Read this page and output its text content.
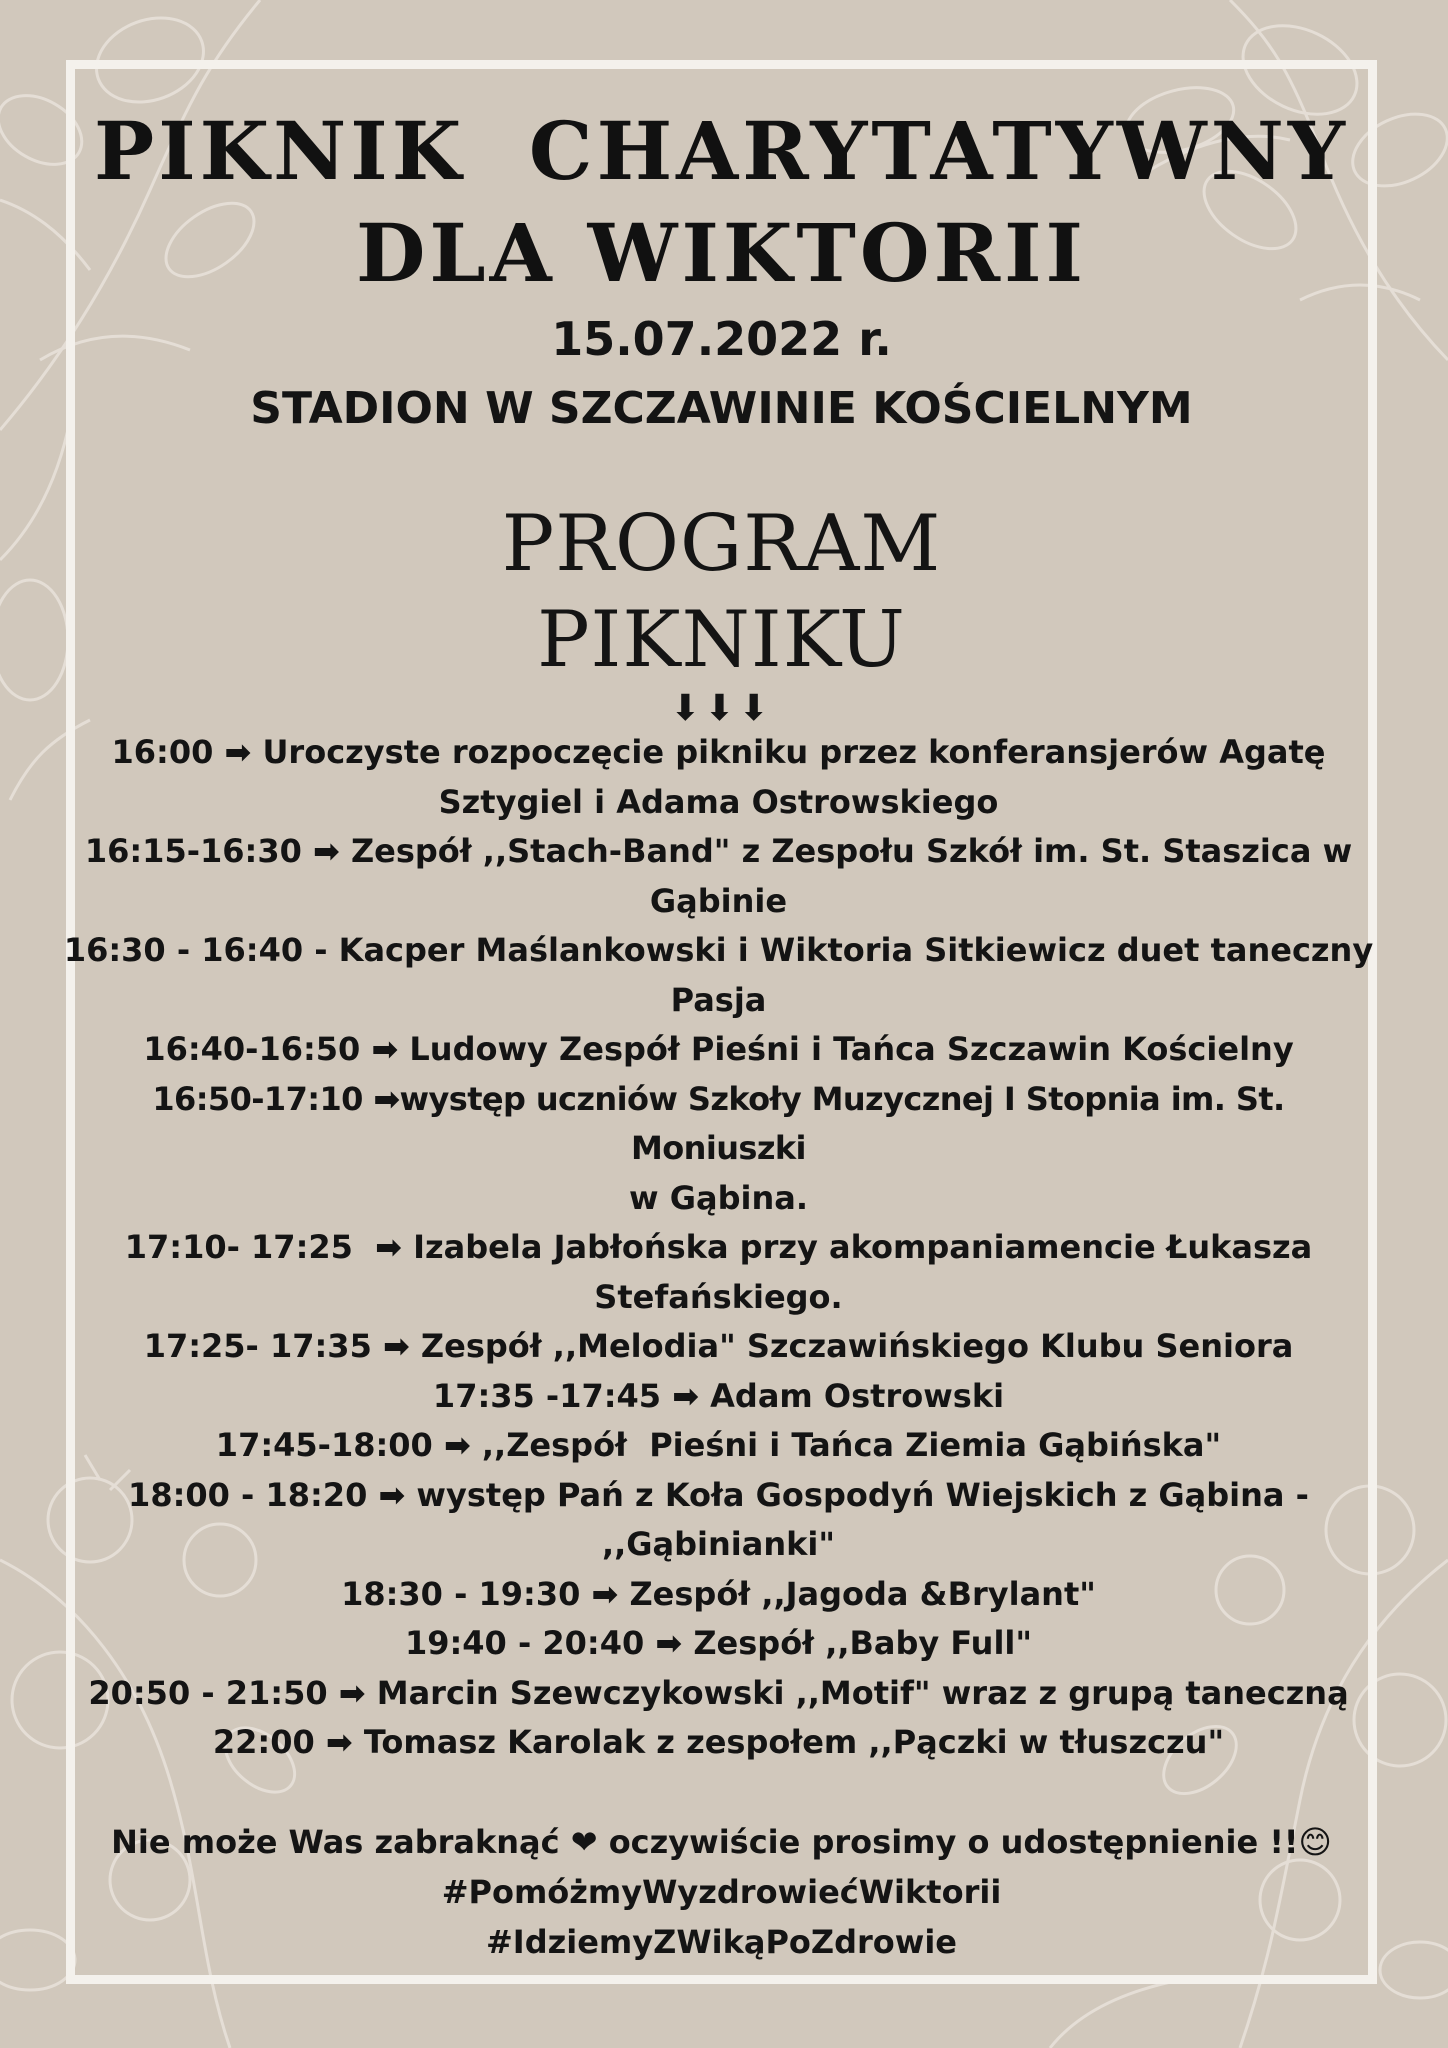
PIKNIK  CHARYTATYWNY
DLA WIKTORII
15.07.2022 r.
STADION W SZCZAWINIE KOŚCIELNYM
PROGRAM
PIKNIKU
⬇⬇⬇
16:00 ➡ Uroczyste rozpoczęcie pikniku przez konferansjerów Agatę
Sztygiel i Adama Ostrowskiego
16:15-16:30 ➡ Zespół ,,Stach-Band" z Zespołu Szkół im. St. Staszica w
Gąbinie
16:30 - 16:40 - Kacper Maślankowski i Wiktoria Sitkiewicz duet taneczny
Pasja
16:40-16:50 ➡ Ludowy Zespół Pieśni i Tańca Szczawin Kościelny
16:50-17:10 ➡występ uczniów Szkoły Muzycznej I Stopnia im. St. Moniuszki
w Gąbina.
17:10- 17:25  ➡ Izabela Jabłońska przy akompaniamencie Łukasza
Stefańskiego.
17:25- 17:35 ➡ Zespół ,,Melodia" Szczawińskiego Klubu Seniora
17:35 -17:45 ➡ Adam Ostrowski
17:45-18:00 ➡ ,,Zespół  Pieśni i Tańca Ziemia Gąbińska"
18:00 - 18:20 ➡ występ Pań z Koła Gospodyń Wiejskich z Gąbina -
,,Gąbinianki"
18:30 - 19:30 ➡ Zespół ,,Jagoda &Brylant"
19:40 - 20:40 ➡ Zespół ,,Baby Full"
20:50 - 21:50 ➡ Marcin Szewczykowski ,,Motif" wraz z grupą taneczną
22:00 ➡ Tomasz Karolak z zespołem ,,Pączki w tłuszczu"
Nie może Was zabraknąć ❤ oczywiście prosimy o udostępnienie !!😊
#PomóżmyWyzdrowiećWiktorii
#IdziemyZWikąPoZdrowie
